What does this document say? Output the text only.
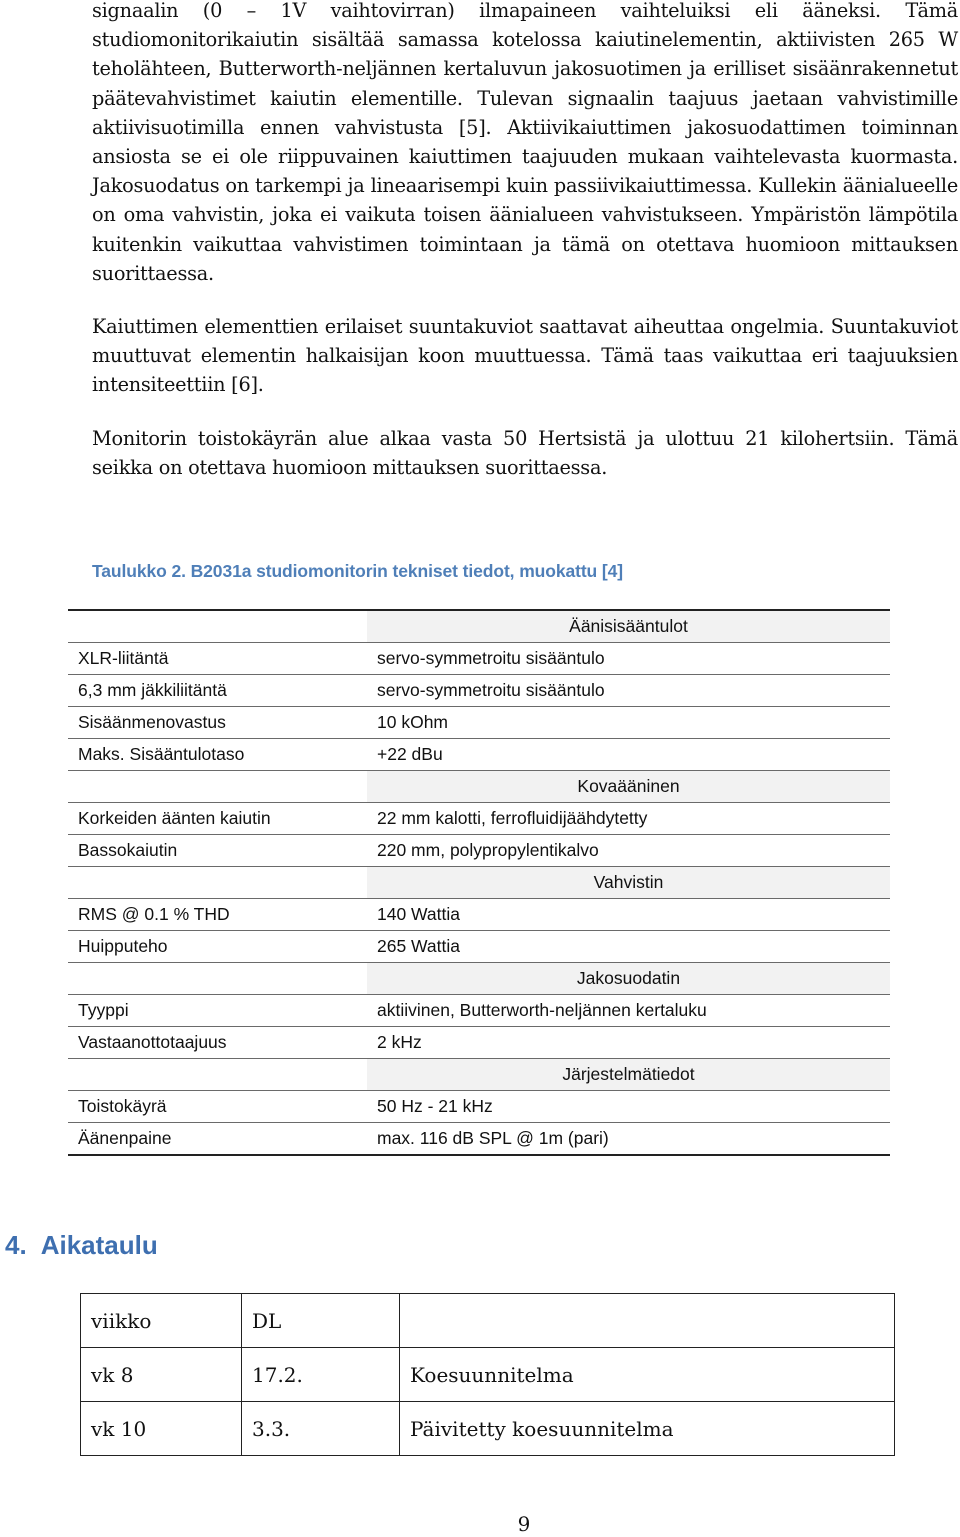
signaalin (0 – 1V vaihtovirran) ilmapaineen vaihteluiksi eli ääneksi. Tämä studiomonitorikaiutin sisältää samassa kotelossa kaiutinelementin, aktiivisten 265 W teholähteen, Butterworth-neljännen kertaluvun jakosuotimen ja erilliset sisäänrakennetut päätevahvistimet kaiutin elementille. Tulevan signaalin taajuus jaetaan vahvistimille aktiivisuotimilla ennen vahvistusta [5]. Aktiivikaiuttimen jakosuodattimen toiminnan ansiosta se ei ole riippuvainen kaiuttimen taajuuden mukaan vaihtelevasta kuormasta. Jakosuodatus on tarkempi ja lineaarisempi kuin passiivikaiuttimessa. Kullekin äänialueelle on oma vahvistin, joka ei vaikuta toisen äänialueen vahvistukseen. Ympäristön lämpötila kuitenkin vaikuttaa vahvistimen toimintaan ja tämä on otettava huomioon mittauksen suorittaessa.

Kaiuttimen elementtien erilaiset suuntakuviot saattavat aiheuttaa ongelmia. Suuntakuviot muuttuvat elementin halkaisijan koon muuttuessa. Tämä taas vaikuttaa eri taajuuksien intensiteettiin [6].

Monitorin toistokäyrän alue alkaa vasta 50 Hertsistä ja ulottuu 21 kilohertsiin. Tämä seikka on otettava huomioon mittauksen suorittaessa.

Taulukko 2. B2031a studiomonitorin tekniset tiedot, muokattu [4]

	Äänisisääntulot
XLR-liitäntä	servo-symmetroitu sisääntulo
6,3 mm jäkkiliitäntä	servo-symmetroitu sisääntulo
Sisäänmenovastus	10 kOhm
Maks. Sisääntulotaso	+22 dBu
	Kovaääninen
Korkeiden äänten kaiutin	22 mm kalotti, ferrofluidijäähdytetty
Bassokaiutin	220 mm, polypropylentikalvo
	Vahvistin
RMS @ 0.1 % THD	140 Wattia
Huipputeho	265 Wattia
	Jakosuodatin
Tyyppi	aktiivinen, Butterworth-neljännen kertaluku
Vastaanottotaajuus	2 kHz
	Järjestelmätiedot
Toistokäyrä	50 Hz - 21 kHz
Äänenpaine	max. 116 dB SPL @ 1m (pari)
4. Aikataulu
viikko	DL	
vk 8	17.2.	Koesuunnitelma
vk 10	3.3.	Päivitetty koesuunnitelma
9
